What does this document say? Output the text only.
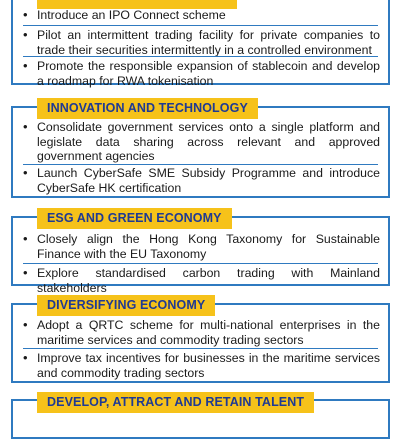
• Introduce an IPO Connect scheme
• Pilot an intermittent trading facility for private companies to trade their securities intermittently in a controlled environment
• Promote the responsible expansion of stablecoin and develop a roadmap for RWA tokenisation
INNOVATION AND TECHNOLOGY
• Consolidate government services onto a single platform and legislate data sharing across relevant and approved government agencies
• Launch CyberSafe SME Subsidy Programme and introduce CyberSafe HK certification
ESG AND GREEN ECONOMY
• Closely align the Hong Kong Taxonomy for Sustainable Finance with the EU Taxonomy
• Explore standardised carbon trading with Mainland stakeholders
DIVERSIFYING ECONOMY
• Adopt a QRTC scheme for multi-national enterprises in the maritime services and commodity trading sectors
• Improve tax incentives for businesses in the maritime services and commodity trading sectors
DEVELOP, ATTRACT AND RETAIN TALENT
